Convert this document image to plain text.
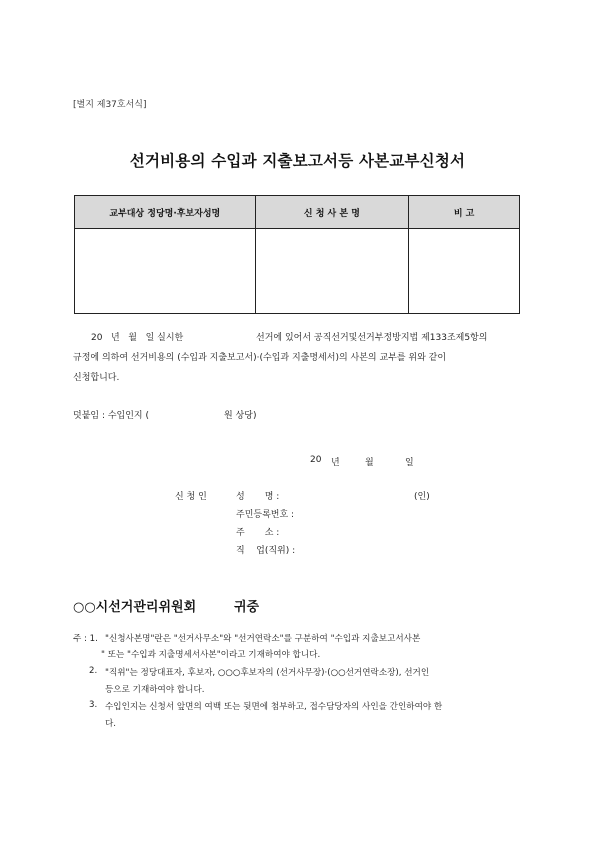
[별지 제37호서식]
선거비용의 수입과 지출보고서등 사본교부신청서
교부대상 정당명·후보자성명	신 청 사 본 명	비 고

20   년   월   일 실시한	선거에 있어서 공직선거및선거부정방지법 제133조제5항의
규정에 의하여 선거비용의 (수입과 지출보고서)·(수입과 지출명세서)의 사본의 교부를 위와 같이
신청합니다.
덧붙임 : 수입인지 (	원 상당)
20 년	월	일
신 청 인	성       명 :	(인)
주민등록번호 :
주       소 :
직    업(직위) :
○○시선거관리위원회	귀중
주 : 1. "신청사본명"란은 "선거사무소"와 "선거연락소"를 구분하여 "수입과 지출보고서사본
" 또는 "수입과 지출명세서사본"이라고 기재하여야 합니다.
2. "직위"는 정당대표자, 후보자, ○○○후보자의 (선거사무장)·(○○선거연락소장), 선거인
등으로 기재하여야 합니다.
3. 수입인지는 신청서 앞면의 여백 또는 뒷면에 첨부하고, 접수담당자의 사인을 간인하여야 한
다.
